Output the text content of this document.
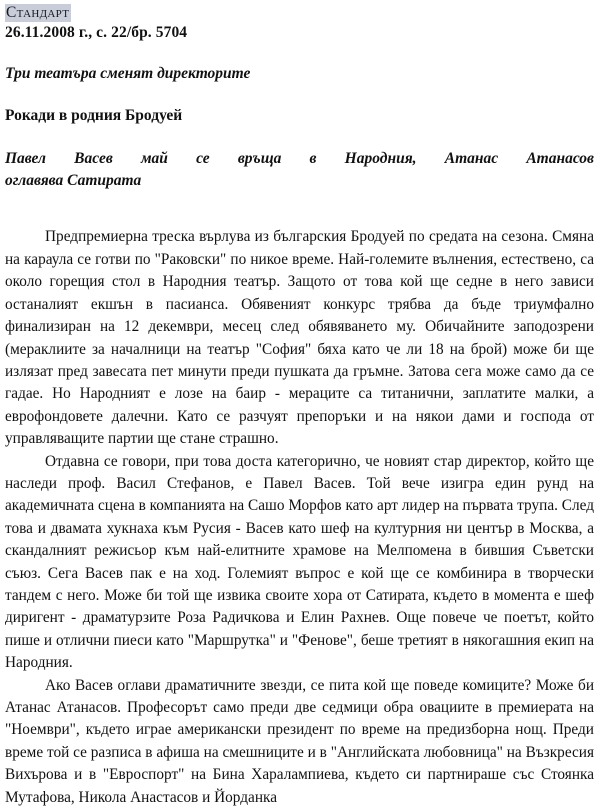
Стандарт
26.11.2008 г., с. 22/бр. 5704
Три театъра сменят директорите
Рокади в родния Бродуей
Павел Васев май се връща в Народния, Атанас Атанасов
оглавява Сатирата

Предпремиерна треска върлува из българския Бродуей по средата на сезона. Смяна на караула се готви по "Раковски" по никое време. Най-големите вълнения, естествено, са около горещия стол в Народния театър. Защото от това кой ще седне в него зависи останалият екшън в пасианса. Обявеният конкурс трябва да бъде триумфално финализиран на 12 декември, месец след обявяването му. Обичайните заподозрени (мераклиите за началници на театър "София" бяха като че ли 18 на брой) може би ще излязат пред завесата пет минути преди пушката да гръмне. Затова сега може само да се гадае. Но Народният е лозе на баир - мерaците са титанични, заплатите малки, а еврофондовете далечни. Като се разчуят препоръки и на някои дами и господа от управляващите партии ще стане страшно.

Отдавна се говори, при това доста категорично, че новият стар директор, който ще наследи проф. Васил Стефанов, е Павел Васев. Той вече изигра един рунд на академичната сцена в компанията на Сашо Морфов като арт лидер на първата трупа. След това и двамата хукнаха към Русия - Васев като шеф на културния ни център в Москва, а скандалният режисьор към най-елитните храмове на Мелпомена в бившия Съветски съюз. Сега Васев пак е на ход. Големият въпрос е кой ще се комбинира в творчески тандем с него. Може би той ще извика своите хора от Сатирата, където в момента е шеф диригент - драматурзите Роза Радичкова и Елин Рахнев. Още повече че поетът, който пише и отлични пиеси като "Маршрутка" и "Фенове", беше третият в някогашния екип на Народния.

Ако Васев оглави драматичните звезди, се пита кой ще поведе комиците? Може би Атанас Атанасов. Професорът само преди две седмици обра овациите в премиерата на "Ноември", където играе американски президент по време на предизборна нощ. Преди време той се разписа в афиша на смешниците и в "Английската любовница" на Възкресия Вихърова и в "Евроспорт" на Бина Харалампиева, където си партнираше със Стоянка Мутафова, Никола Анастасов и Йорданка
